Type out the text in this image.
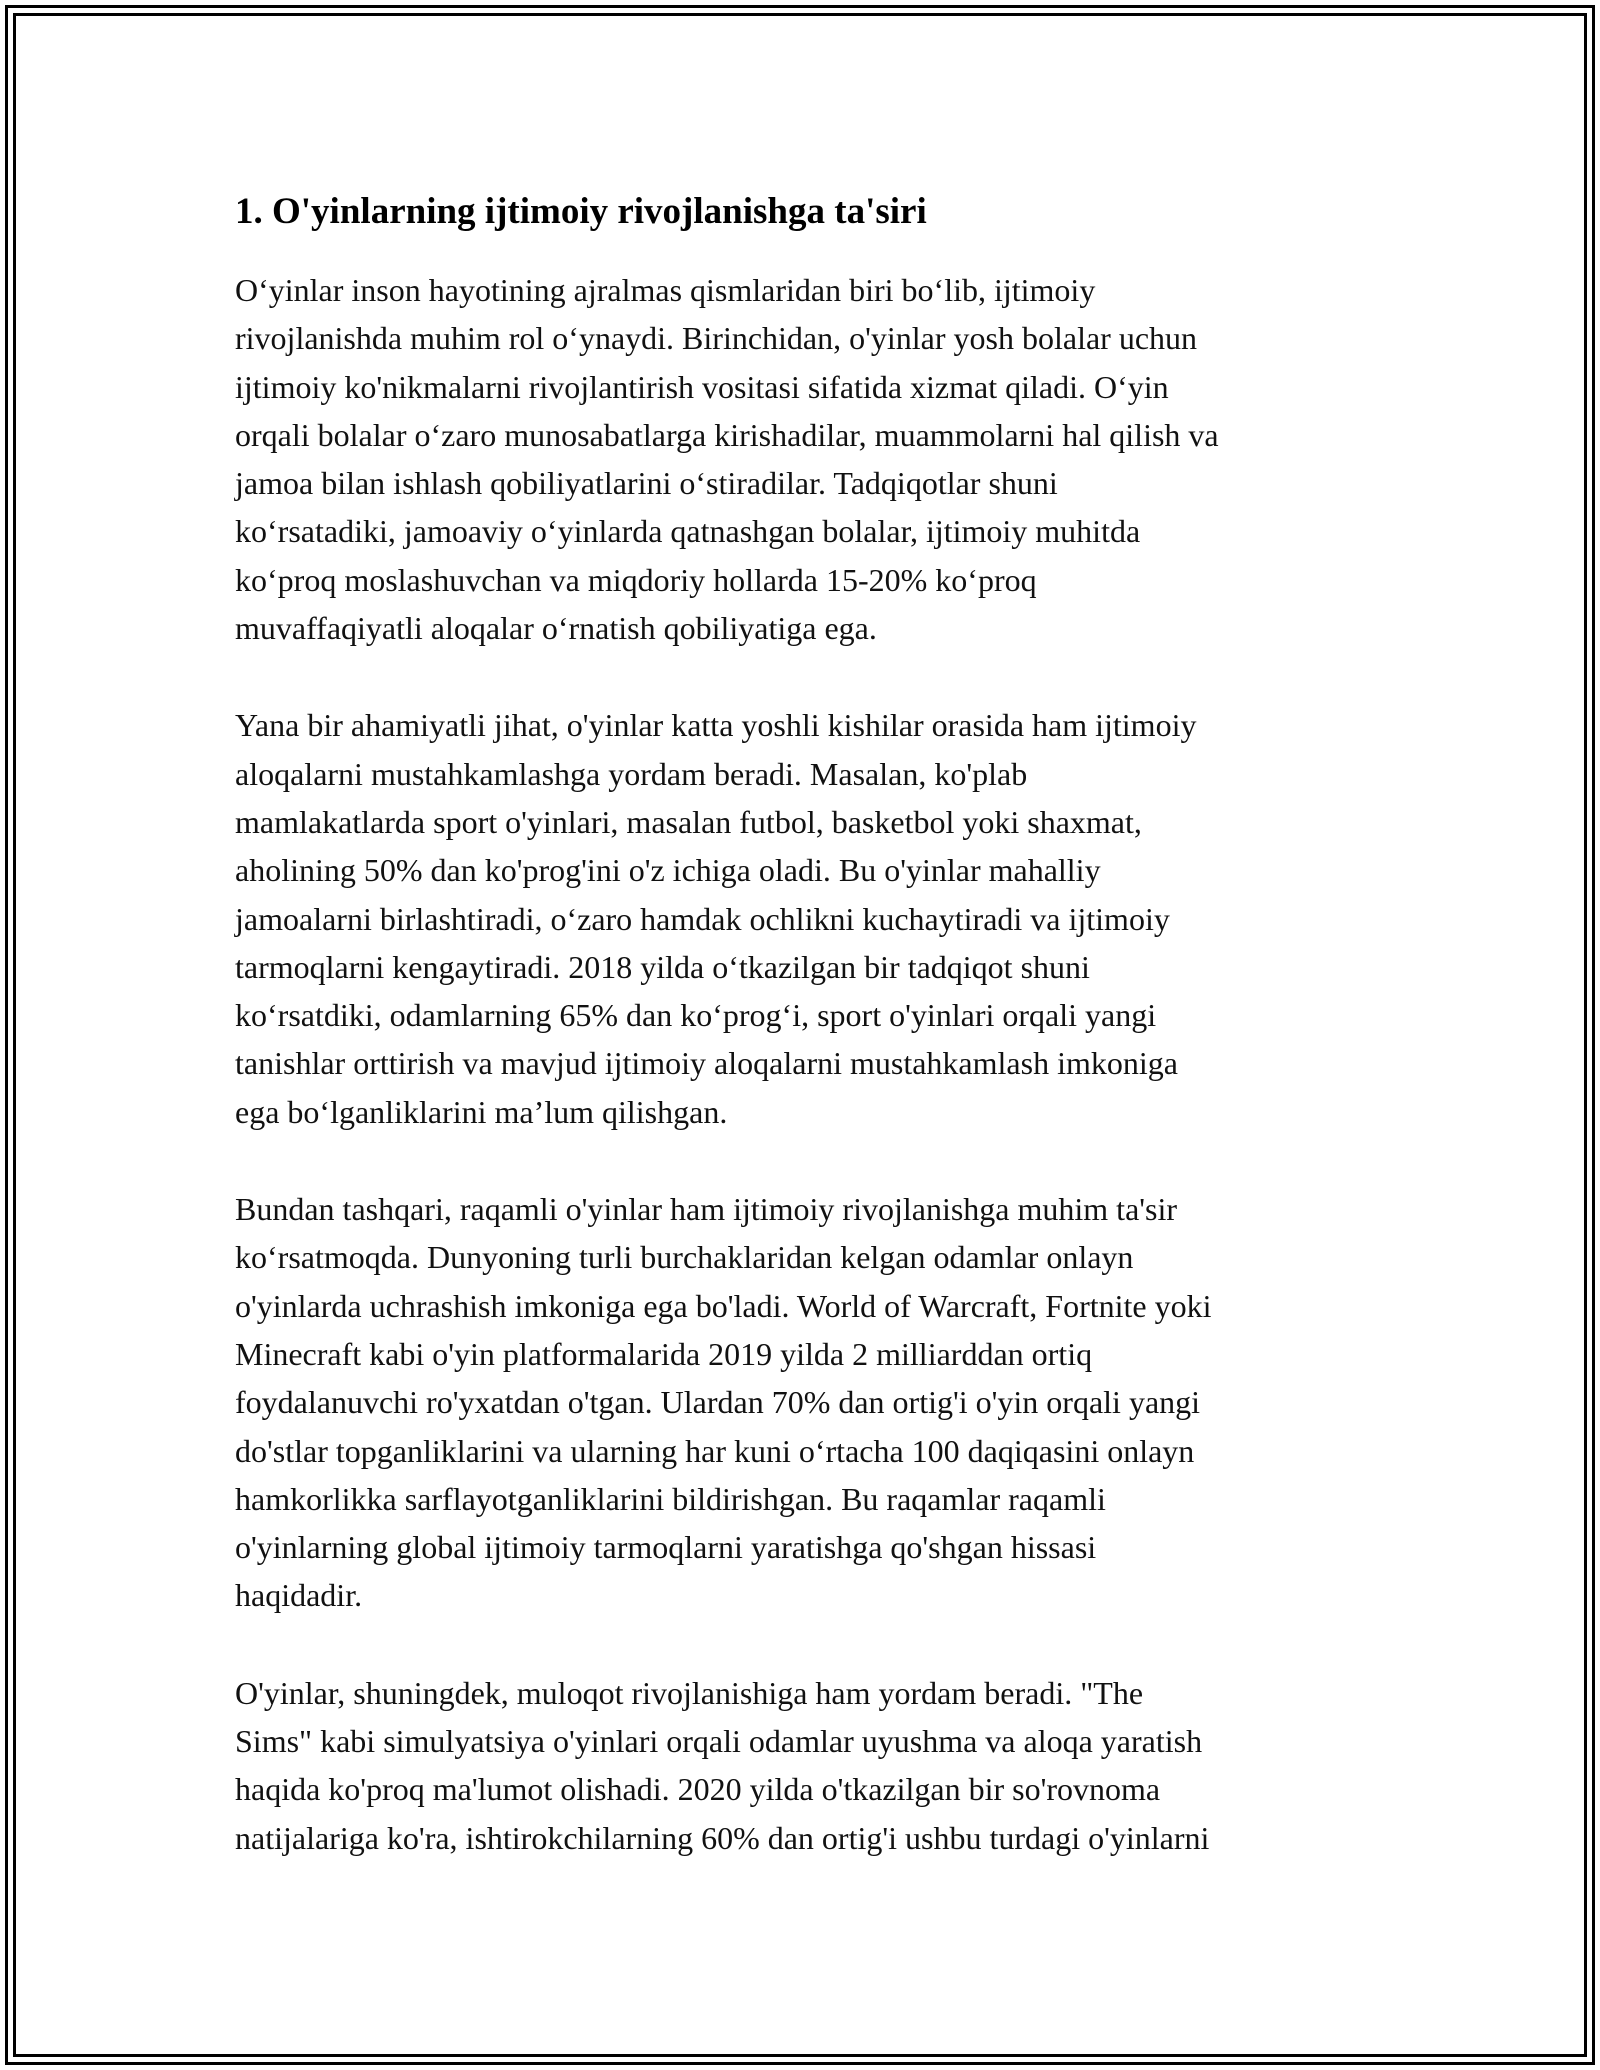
1. O'yinlarning ijtimoiy rivojlanishga ta'siri

O‘yinlar inson hayotining ajralmas qismlaridan biri bo‘lib, ijtimoiy
rivojlanishda muhim rol o‘ynaydi. Birinchidan, o'yinlar yosh bolalar uchun
ijtimoiy ko'nikmalarni rivojlantirish vositasi sifatida xizmat qiladi. O‘yin
orqali bolalar o‘zaro munosabatlarga kirishadilar, muammolarni hal qilish va
jamoa bilan ishlash qobiliyatlarini o‘stiradilar. Tadqiqotlar shuni
ko‘rsatadiki, jamoaviy o‘yinlarda qatnashgan bolalar, ijtimoiy muhitda
ko‘proq moslashuvchan va miqdoriy hollarda 15-20% ko‘proq
muvaffaqiyatli aloqalar o‘rnatish qobiliyatiga ega.

Yana bir ahamiyatli jihat, o'yinlar katta yoshli kishilar orasida ham ijtimoiy
aloqalarni mustahkamlashga yordam beradi. Masalan, ko'plab
mamlakatlarda sport o'yinlari, masalan futbol, basketbol yoki shaxmat,
aholining 50% dan ko'prog'ini o'z ichiga oladi. Bu o'yinlar mahalliy
jamoalarni birlashtiradi, o‘zaro hamdak ochlikni kuchaytiradi va ijtimoiy
tarmoqlarni kengaytiradi. 2018 yilda o‘tkazilgan bir tadqiqot shuni
ko‘rsatdiki, odamlarning 65% dan ko‘prog‘i, sport o'yinlari orqali yangi
tanishlar orttirish va mavjud ijtimoiy aloqalarni mustahkamlash imkoniga
ega bo‘lganliklarini ma’lum qilishgan.

Bundan tashqari, raqamli o'yinlar ham ijtimoiy rivojlanishga muhim ta'sir
ko‘rsatmoqda. Dunyoning turli burchaklaridan kelgan odamlar onlayn
o'yinlarda uchrashish imkoniga ega bo'ladi. World of Warcraft, Fortnite yoki
Minecraft kabi o'yin platformalarida 2019 yilda 2 milliarddan ortiq
foydalanuvchi ro'yxatdan o'tgan. Ulardan 70% dan ortig'i o'yin orqali yangi
do'stlar topganliklarini va ularning har kuni o‘rtacha 100 daqiqasini onlayn
hamkorlikka sarflayotganliklarini bildirishgan. Bu raqamlar raqamli
o'yinlarning global ijtimoiy tarmoqlarni yaratishga qo'shgan hissasi
haqidadir.

O'yinlar, shuningdek, muloqot rivojlanishiga ham yordam beradi. "The
Sims" kabi simulyatsiya o'yinlari orqali odamlar uyushma va aloqa yaratish
haqida ko'proq ma'lumot olishadi. 2020 yilda o'tkazilgan bir so'rovnoma
natijalariga ko'ra, ishtirokchilarning 60% dan ortig'i ushbu turdagi o'yinlarni
